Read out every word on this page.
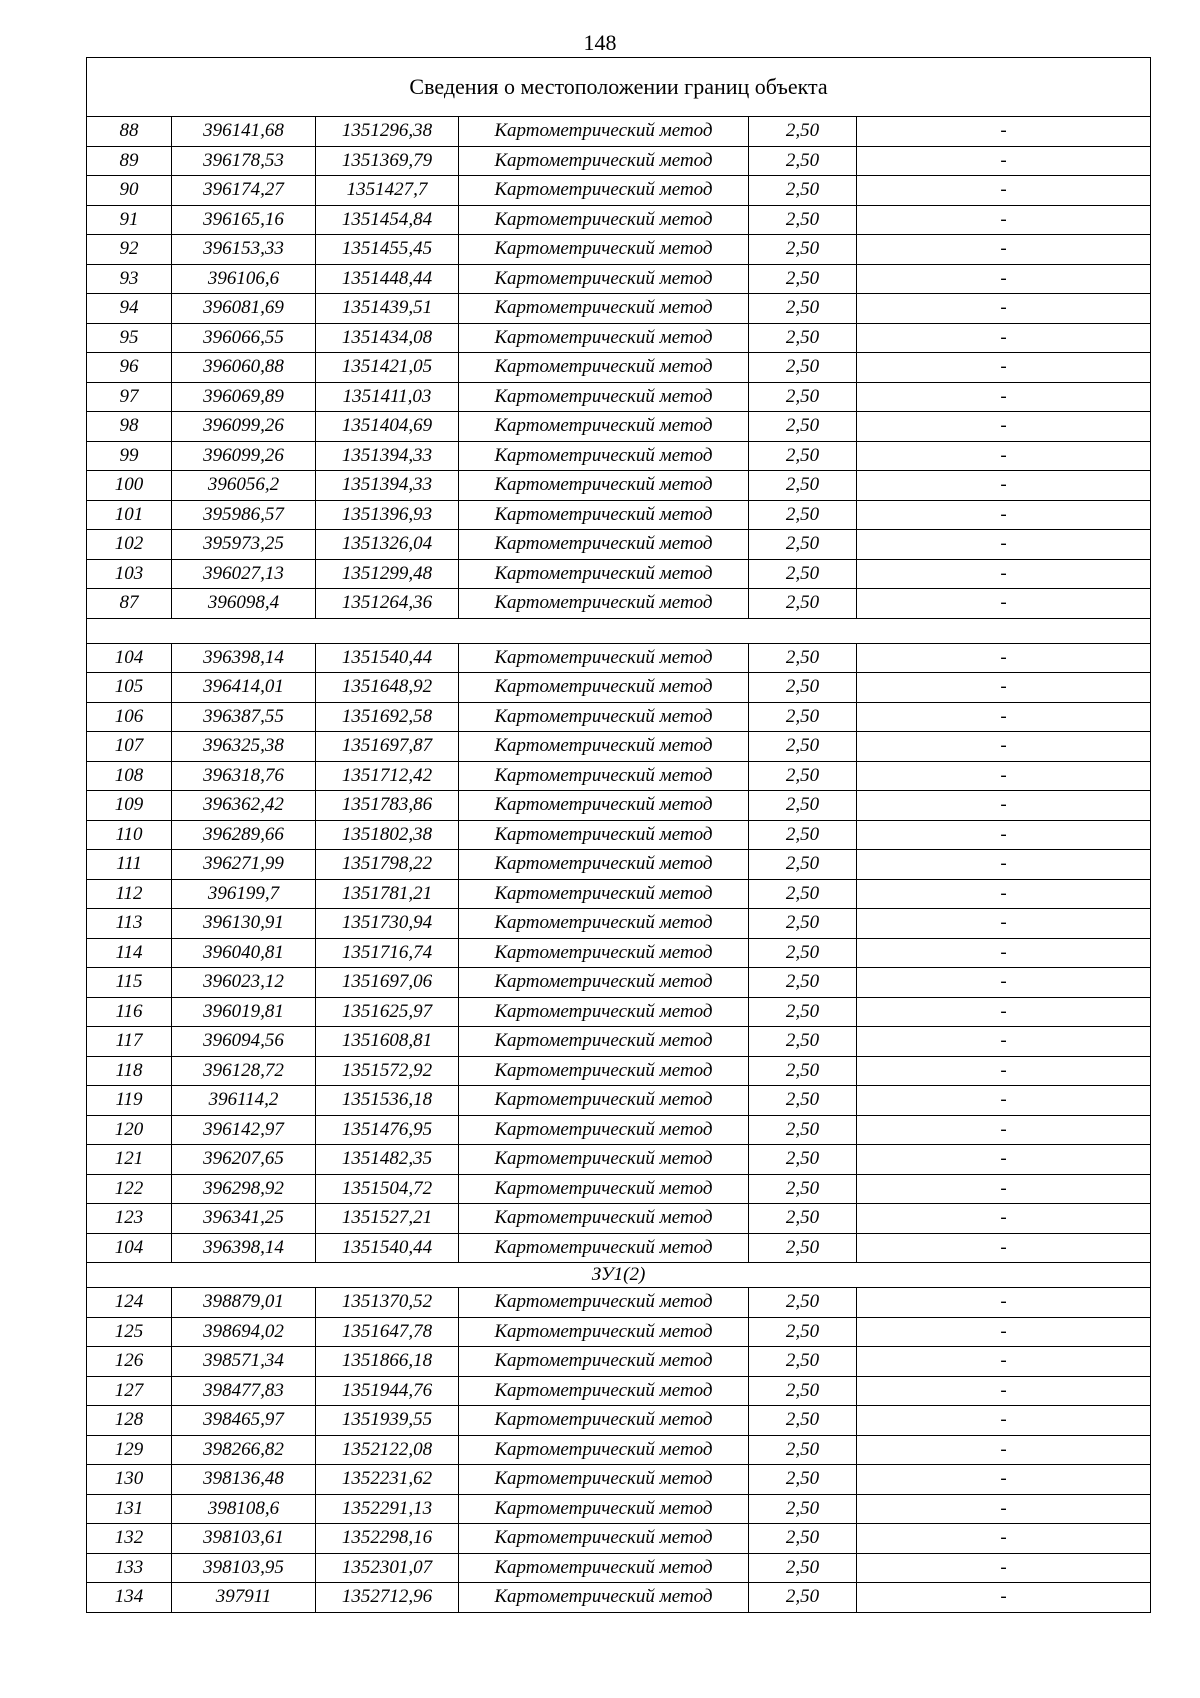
148
Сведения о местоположении границ объекта					
88	396141,68	1351296,38	Картометрический метод	2,50	-
89	396178,53	1351369,79	Картометрический метод	2,50	-
90	396174,27	1351427,7	Картометрический метод	2,50	-
91	396165,16	1351454,84	Картометрический метод	2,50	-
92	396153,33	1351455,45	Картометрический метод	2,50	-
93	396106,6	1351448,44	Картометрический метод	2,50	-
94	396081,69	1351439,51	Картометрический метод	2,50	-
95	396066,55	1351434,08	Картометрический метод	2,50	-
96	396060,88	1351421,05	Картометрический метод	2,50	-
97	396069,89	1351411,03	Картометрический метод	2,50	-
98	396099,26	1351404,69	Картометрический метод	2,50	-
99	396099,26	1351394,33	Картометрический метод	2,50	-
100	396056,2	1351394,33	Картометрический метод	2,50	-
101	395986,57	1351396,93	Картометрический метод	2,50	-
102	395973,25	1351326,04	Картометрический метод	2,50	-
103	396027,13	1351299,48	Картометрический метод	2,50	-
87	396098,4	1351264,36	Картометрический метод	2,50	-

104	396398,14	1351540,44	Картометрический метод	2,50	-
105	396414,01	1351648,92	Картометрический метод	2,50	-
106	396387,55	1351692,58	Картометрический метод	2,50	-
107	396325,38	1351697,87	Картометрический метод	2,50	-
108	396318,76	1351712,42	Картометрический метод	2,50	-
109	396362,42	1351783,86	Картометрический метод	2,50	-
110	396289,66	1351802,38	Картометрический метод	2,50	-
111	396271,99	1351798,22	Картометрический метод	2,50	-
112	396199,7	1351781,21	Картометрический метод	2,50	-
113	396130,91	1351730,94	Картометрический метод	2,50	-
114	396040,81	1351716,74	Картометрический метод	2,50	-
115	396023,12	1351697,06	Картометрический метод	2,50	-
116	396019,81	1351625,97	Картометрический метод	2,50	-
117	396094,56	1351608,81	Картометрический метод	2,50	-
118	396128,72	1351572,92	Картометрический метод	2,50	-
119	396114,2	1351536,18	Картометрический метод	2,50	-
120	396142,97	1351476,95	Картометрический метод	2,50	-
121	396207,65	1351482,35	Картометрический метод	2,50	-
122	396298,92	1351504,72	Картометрический метод	2,50	-
123	396341,25	1351527,21	Картометрический метод	2,50	-
104	396398,14	1351540,44	Картометрический метод	2,50	-
ЗУ1(2)					
124	398879,01	1351370,52	Картометрический метод	2,50	-
125	398694,02	1351647,78	Картометрический метод	2,50	-
126	398571,34	1351866,18	Картометрический метод	2,50	-
127	398477,83	1351944,76	Картометрический метод	2,50	-
128	398465,97	1351939,55	Картометрический метод	2,50	-
129	398266,82	1352122,08	Картометрический метод	2,50	-
130	398136,48	1352231,62	Картометрический метод	2,50	-
131	398108,6	1352291,13	Картометрический метод	2,50	-
132	398103,61	1352298,16	Картометрический метод	2,50	-
133	398103,95	1352301,07	Картометрический метод	2,50	-
134	397911	1352712,96	Картометрический метод	2,50	-
